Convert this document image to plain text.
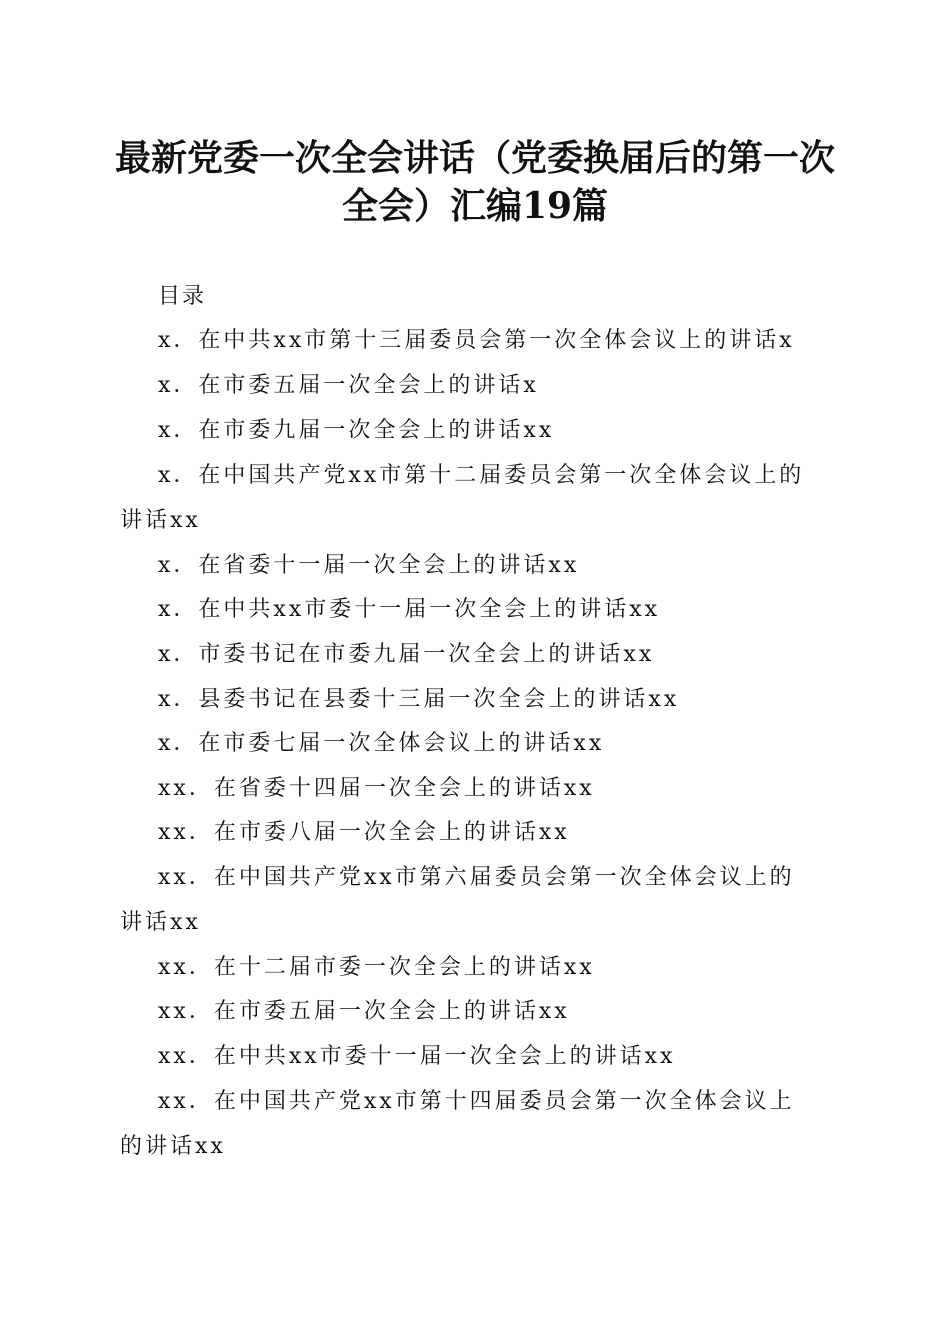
最新党委一次全会讲话（党委换届后的第一次
全会）汇编19篇
目录
x．在中共xx市第十三届委员会第一次全体会议上的讲话x
x．在市委五届一次全会上的讲话x
x．在市委九届一次全会上的讲话xx
x．在中国共产党xx市第十二届委员会第一次全体会议上的
讲话xx
x．在省委十一届一次全会上的讲话xx
x．在中共xx市委十一届一次全会上的讲话xx
x．市委书记在市委九届一次全会上的讲话xx
x．县委书记在县委十三届一次全会上的讲话xx
x．在市委七届一次全体会议上的讲话xx
xx．在省委十四届一次全会上的讲话xx
xx．在市委八届一次全会上的讲话xx
xx．在中国共产党xx市第六届委员会第一次全体会议上的
讲话xx
xx．在十二届市委一次全会上的讲话xx
xx．在市委五届一次全会上的讲话xx
xx．在中共xx市委十一届一次全会上的讲话xx
xx．在中国共产党xx市第十四届委员会第一次全体会议上
的讲话xx
